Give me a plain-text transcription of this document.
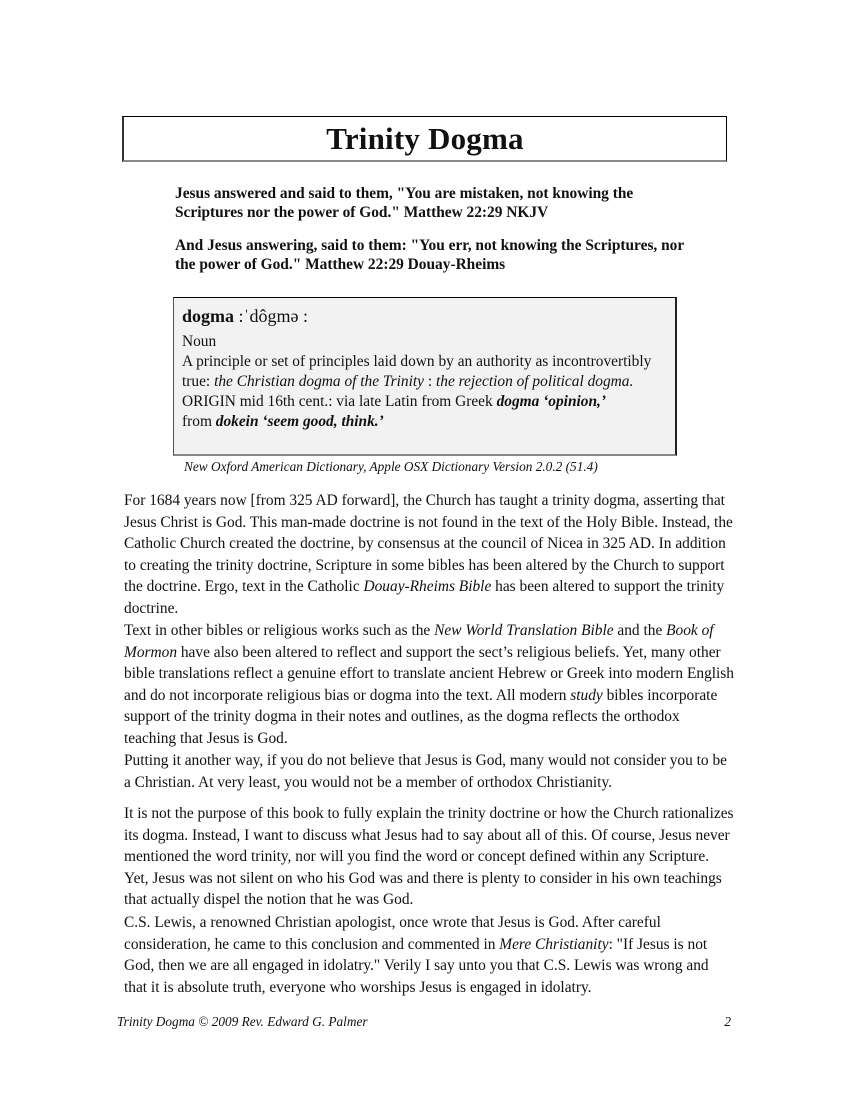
Trinity Dogma

Jesus answered and said to them, "You are mistaken, not knowing the Scriptures nor the power of God." Matthew 22:29 NKJV

And Jesus answering, said to them: "You err, not knowing the Scriptures, nor the power of God." Matthew 22:29 Douay-Rheims

dogma :ˈdôgmə :

Noun

A principle or set of principles laid down by an authority as incontrovertibly true: the Christian dogma of the Trinity : the rejection of political dogma.

ORIGIN mid 16th cent.: via late Latin from Greek dogma ‘opinion,’
from dokein ‘seem good, think.’

New Oxford American Dictionary, Apple OSX Dictionary Version 2.0.2 (51.4)

For 1684 years now [from 325 AD forward], the Church has taught a trinity dogma, asserting that Jesus Christ is God. This man-made doctrine is not found in the text of the Holy Bible. Instead, the Catholic Church created the doctrine, by consensus at the council of Nicea in 325 AD. In addition to creating the trinity doctrine, Scripture in some bibles has been altered by the Church to support the doctrine. Ergo, text in the Catholic Douay-Rheims Bible has been altered to support the trinity doctrine.

Text in other bibles or religious works such as the New World Translation Bible and the Book of Mormon have also been altered to reflect and support the sect’s religious beliefs. Yet, many other bible translations reflect a genuine effort to translate ancient Hebrew or Greek into modern English and do not incorporate religious bias or dogma into the text. All modern study bibles incorporate support of the trinity dogma in their notes and outlines, as the dogma reflects the orthodox teaching that Jesus is God.

Putting it another way, if you do not believe that Jesus is God, many would not consider you to be a Christian. At very least, you would not be a member of orthodox Christianity.

It is not the purpose of this book to fully explain the trinity doctrine or how the Church rationalizes its dogma. Instead, I want to discuss what Jesus had to say about all of this. Of course, Jesus never mentioned the word trinity, nor will you find the word or concept defined within any Scripture. Yet, Jesus was not silent on who his God was and there is plenty to consider in his own teachings that actually dispel the notion that he was God.

C.S. Lewis, a renowned Christian apologist, once wrote that Jesus is God. After careful consideration, he came to this conclusion and commented in Mere Christianity: "If Jesus is not God, then we are all engaged in idolatry." Verily I say unto you that C.S. Lewis was wrong and that it is absolute truth, everyone who worships Jesus is engaged in idolatry.

Trinity Dogma © 2009 Rev. Edward G. Palmer	2
